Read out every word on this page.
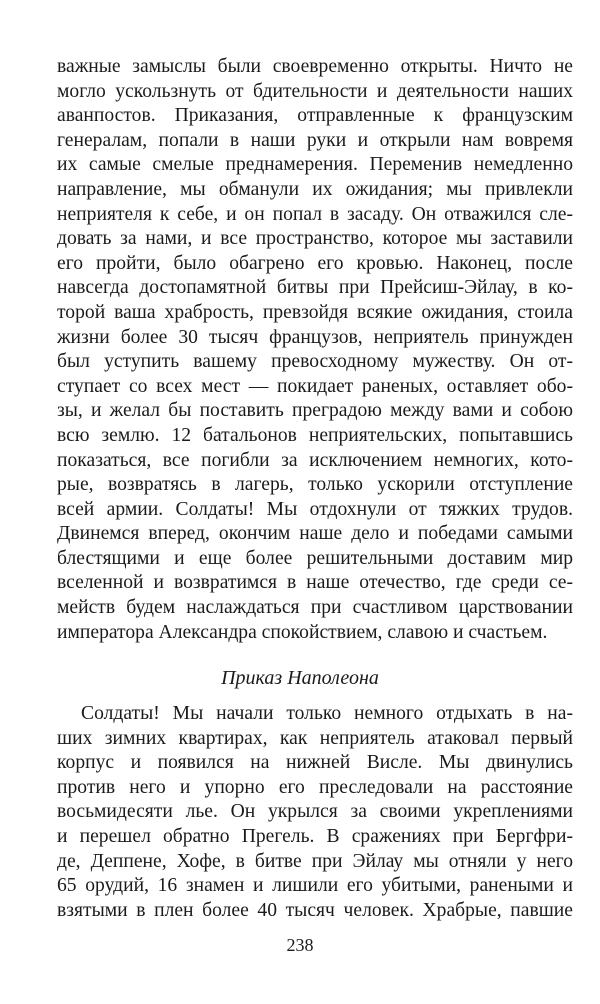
важные замыслы были своевременно открыты. Ничто не
могло ускользнуть от бдительности и деятельности наших
аванпостов. Приказания, отправленные к французским
генералам, попали в наши руки и открыли нам вовремя
их самые смелые преднамерения. Переменив немедленно
направление, мы обманули их ожидания; мы привлекли
неприятеля к себе, и он попал в засаду. Он отважился сле-
довать за нами, и все пространство, которое мы заставили
его пройти, было обагрено его кровью. Наконец, после
навсегда достопамятной битвы при Прейсиш-Эйлау, в ко-
торой ваша храбрость, превзойдя всякие ожидания, стоила
жизни более 30 тысяч французов, неприятель принужден
был уступить вашему превосходному мужеству. Он от-
ступает со всех мест — покидает раненых, оставляет обо-
зы, и желал бы поставить преградою между вами и собою
всю землю. 12 батальонов неприятельских, попытавшись
показаться, все погибли за исключением немногих, кото-
рые, возвратясь в лагерь, только ускорили отступление
всей армии. Солдаты! Мы отдохнули от тяжких трудов.
Двинемся вперед, окончим наше дело и победами самыми
блестящими и еще более решительными доставим мир
вселенной и возвратимся в наше отечество, где среди се-
мейств будем наслаждаться при счастливом царствовании
императора Александра спокойствием, славою и счастьем.
Приказ Наполеона
Солдаты! Мы начали только немного отдыхать в на-
ших зимних квартирах, как неприятель атаковал первый
корпус и появился на нижней Висле. Мы двинулись
против него и упорно его преследовали на расстояние
восьмидесяти лье. Он укрылся за своими укреплениями
и перешел обратно Прегель. В сражениях при Бергфри-
де, Деппене, Хофе, в битве при Эйлау мы отняли у него
65 орудий, 16 знамен и лишили его убитыми, ранеными и
взятыми в плен более 40 тысяч человек. Храбрые, павшие
238
